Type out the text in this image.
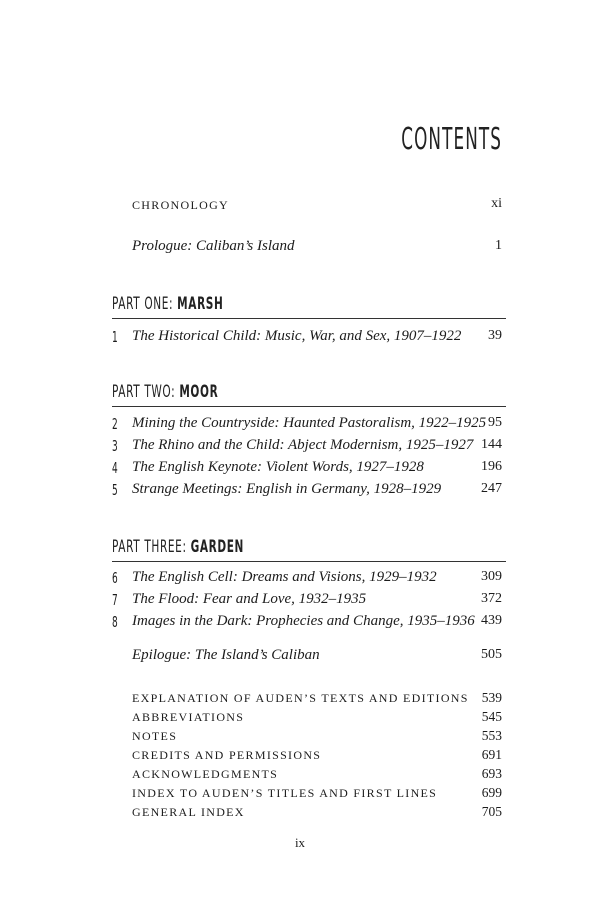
CONTENTS
CHRONOLOGY	xi
Prologue: Caliban’s Island	1
PART ONE: MARSH
1 The Historical Child: Music, War, and Sex, 1907–1922 39
PART TWO: MOOR
2 Mining the Countryside: Haunted Pastoralism, 1922–1925 95
3 The Rhino and the Child: Abject Modernism, 1925–1927 144
4 The English Keynote: Violent Words, 1927–1928	196
5 Strange Meetings: English in Germany, 1928–1929	247
PART THREE: GARDEN
6 The English Cell: Dreams and Visions, 1929–1932	309
7 The Flood: Fear and Love, 1932–1935	372
8 Images in the Dark: Prophecies and Change, 1935–1936 439
Epilogue: The Island’s Caliban	505
EXPLANATION OF AUDEN’S TEXTS AND EDITIONS 539
ABBREVIATIONS	545
NOTES	553
CREDITS AND PERMISSIONS	691
ACKNOWLEDGMENTS	693
INDEX TO AUDEN’S TITLES AND FIRST LINES	699
GENERAL INDEX	705
ix
